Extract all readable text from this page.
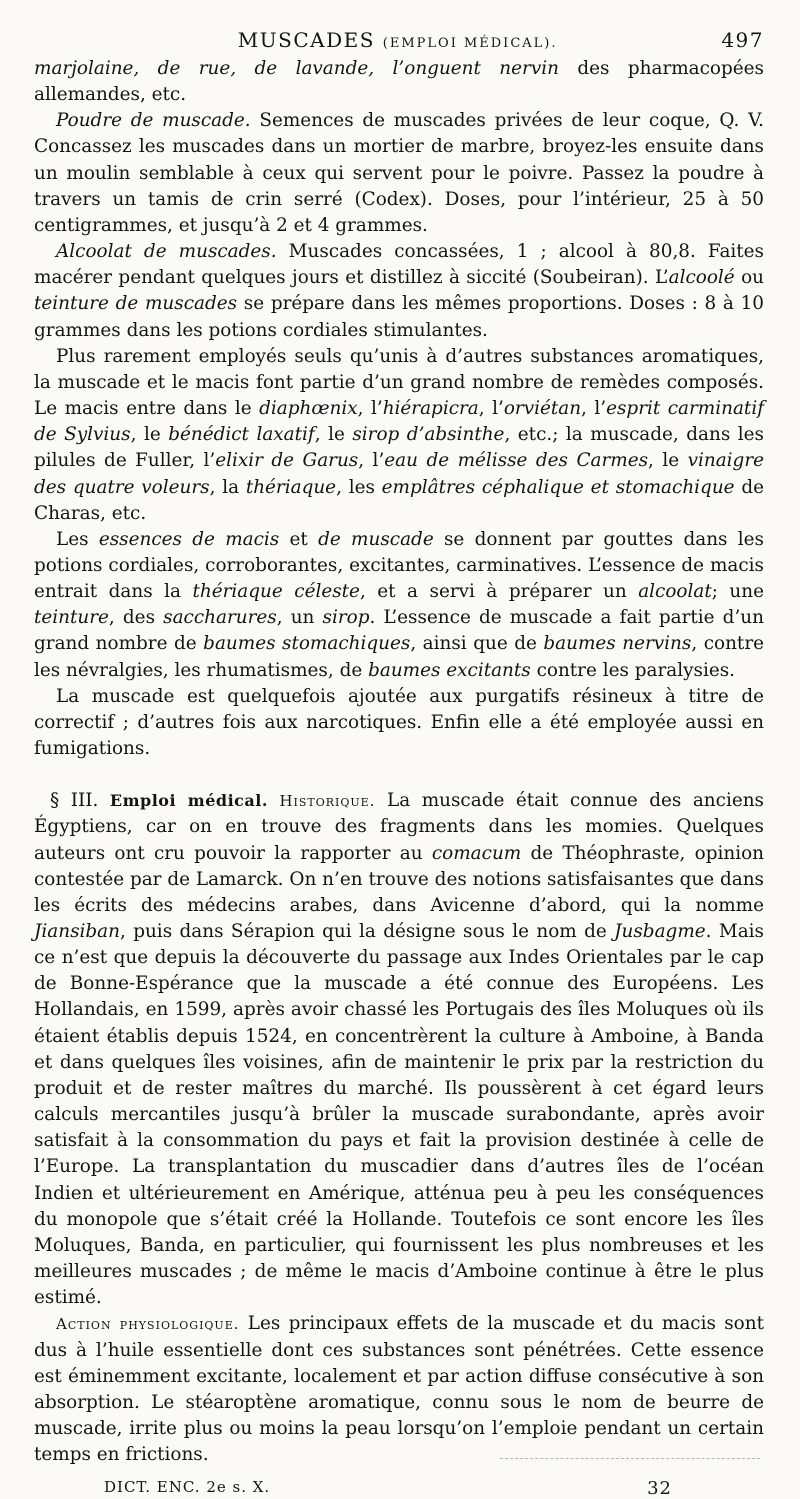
MUSCADES (EMPLOI MÉDICAL).	497

marjolaine, de rue, de lavande, l’onguent nervin des pharmacopées allemandes, etc.

Poudre de muscade. Semences de muscades privées de leur coque, Q. V. Concassez les muscades dans un mortier de marbre, broyez-les ensuite dans un moulin semblable à ceux qui servent pour le poivre. Passez la poudre à travers un tamis de crin serré (Codex). Doses, pour l’intérieur, 25 à 50 centigrammes, et jusqu’à 2 et 4 grammes.

Alcoolat de muscades. Muscades concassées, 1 ; alcool à 80,8. Faites macérer pendant quelques jours et distillez à siccité (Soubeiran). L’alcoolé ou teinture de muscades se prépare dans les mêmes proportions. Doses : 8 à 10 grammes dans les potions cordiales stimulantes.

Plus rarement employés seuls qu’unis à d’autres substances aromatiques, la muscade et le macis font partie d’un grand nombre de remèdes composés. Le macis entre dans le diaphœnix, l’hiérapicra, l’orviétan, l’esprit carminatif de Sylvius, le bénédict laxatif, le sirop d’absinthe, etc.; la muscade, dans les pilules de Fuller, l’elixir de Garus, l’eau de mélisse des Carmes, le vinaigre des quatre voleurs, la thériaque, les emplâtres céphalique et stomachique de Charas, etc.

Les essences de macis et de muscade se donnent par gouttes dans les potions cordiales, corroborantes, excitantes, carminatives. L’essence de macis entrait dans la thériaque céleste, et a servi à préparer un alcoolat; une teinture, des saccharures, un sirop. L’essence de muscade a fait partie d’un grand nombre de baumes stomachiques, ainsi que de baumes nervins, contre les névralgies, les rhumatismes, de baumes excitants contre les paralysies.

La muscade est quelquefois ajoutée aux purgatifs résineux à titre de correctif ; d’autres fois aux narcotiques. Enfin elle a été employée aussi en fumigations.

§ III. Emploi médical. Historique. La muscade était connue des anciens Égyptiens, car on en trouve des fragments dans les momies. Quelques auteurs ont cru pouvoir la rapporter au comacum de Théophraste, opinion contestée par de Lamarck. On n’en trouve des notions satisfaisantes que dans les écrits des médecins arabes, dans Avicenne d’abord, qui la nomme Jiansiban, puis dans Sérapion qui la désigne sous le nom de Jusbagme. Mais ce n’est que depuis la découverte du passage aux Indes Orientales par le cap de Bonne-Espérance que la muscade a été connue des Européens. Les Hollandais, en 1599, après avoir chassé les Portugais des îles Moluques où ils étaient établis depuis 1524, en concentrèrent la culture à Amboine, à Banda et dans quelques îles voisines, afin de maintenir le prix par la restriction du produit et de rester maîtres du marché. Ils poussèrent à cet égard leurs calculs mercantiles jusqu’à brûler la muscade surabondante, après avoir satisfait à la consommation du pays et fait la provision destinée à celle de l’Europe. La transplantation du muscadier dans d’autres îles de l’océan Indien et ultérieurement en Amérique, atténua peu à peu les conséquences du monopole que s’était créé la Hollande. Toutefois ce sont encore les îles Moluques, Banda, en particulier, qui fournissent les plus nombreuses et les meilleures muscades ; de même le macis d’Amboine continue à être le plus estimé.

Action physiologique. Les principaux effets de la muscade et du macis sont dus à l’huile essentielle dont ces substances sont pénétrées. Cette essence est éminemment excitante, localement et par action diffuse consécutive à son absorption. Le stéaroptène aromatique, connu sous le nom de beurre de muscade, irrite plus ou moins la peau lorsqu’on l’emploie pendant un certain temps en frictions.

DICT. ENC. 2e s. X.	32
